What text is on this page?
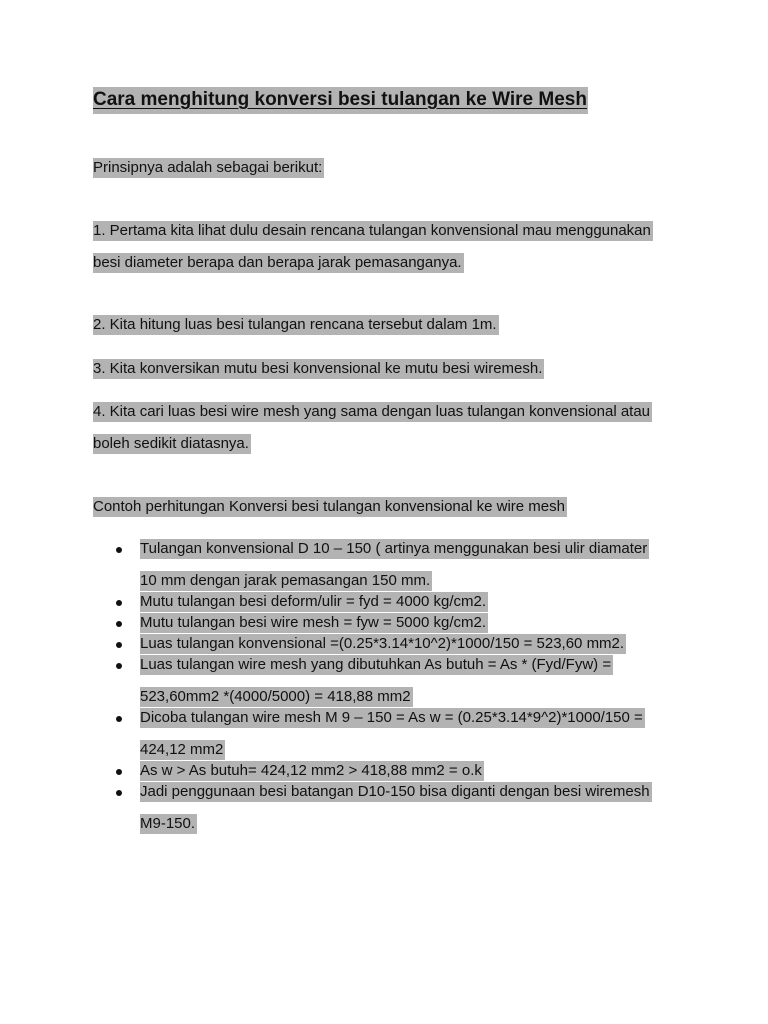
Cara menghitung konversi besi tulangan ke Wire Mesh

Prinsipnya adalah sebagai berikut:

1. Pertama kita lihat dulu desain rencana tulangan konvensional mau menggunakan

besi diameter berapa dan berapa jarak pemasanganya.

2. Kita hitung luas besi tulangan rencana tersebut dalam 1m.

3. Kita konversikan mutu besi konvensional ke mutu besi wiremesh.

4. Kita cari luas besi wire mesh yang sama dengan luas tulangan konvensional atau

boleh sedikit diatasnya.

Contoh perhitungan Konversi besi tulangan konvensional ke wire mesh

Tulangan konvensional D 10 – 150 ( artinya menggunakan besi ulir diamater

10 mm dengan jarak pemasangan 150 mm.

Mutu tulangan besi deform/ulir = fyd = 4000 kg/cm2.

Mutu tulangan besi wire mesh = fyw = 5000 kg/cm2.

Luas tulangan konvensional =(0.25*3.14*10^2)*1000/150 = 523,60 mm2.

Luas tulangan wire mesh yang dibutuhkan As butuh = As * (Fyd/Fyw) =

523,60mm2 *(4000/5000) = 418,88 mm2

Dicoba tulangan wire mesh M 9 – 150 = As w = (0.25*3.14*9^2)*1000/150 =

424,12 mm2

As w > As butuh= 424,12 mm2 > 418,88 mm2 = o.k

Jadi penggunaan besi batangan D10-150 bisa diganti dengan besi wiremesh

M9-150.
